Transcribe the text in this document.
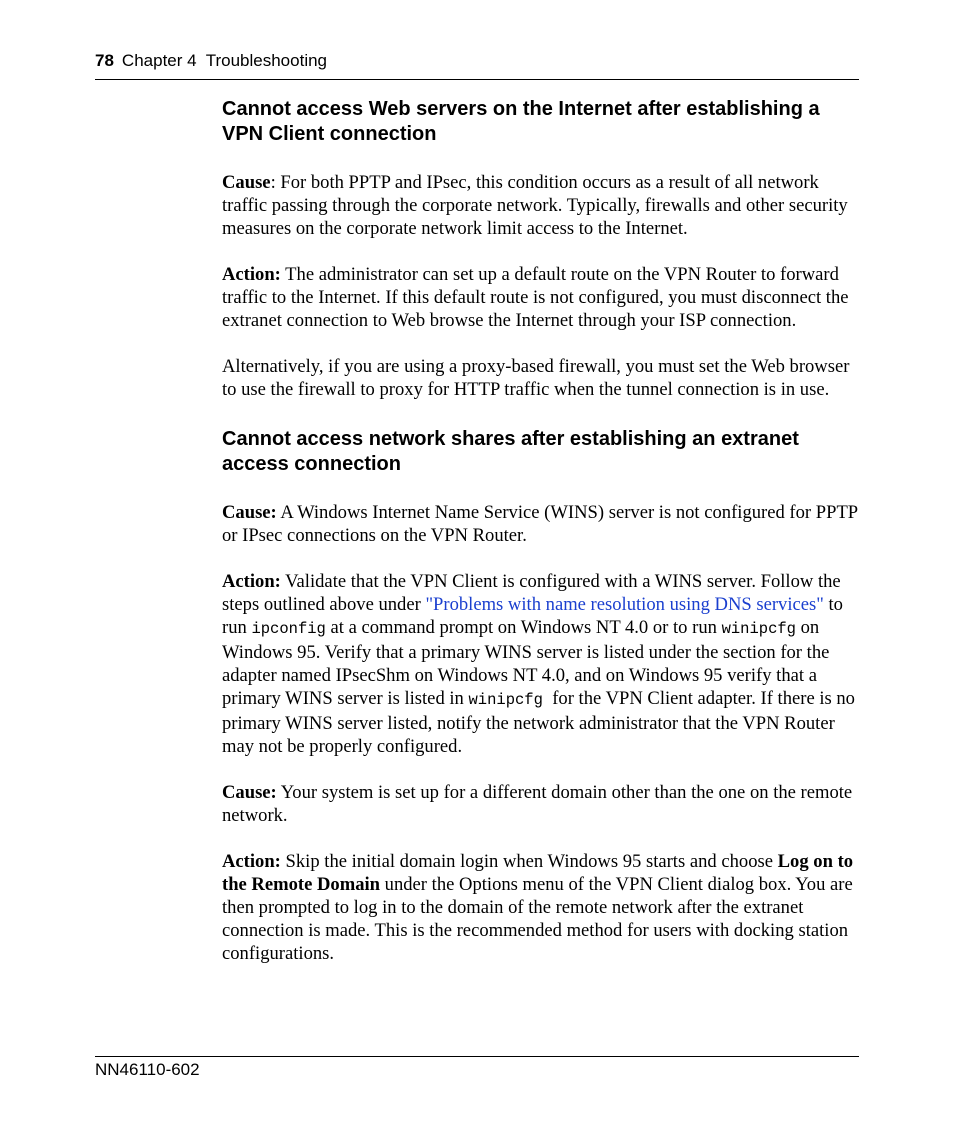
78 Chapter 4  Troubleshooting
Cannot access Web servers on the Internet after establishing a VPN Client connection

Cause: For both PPTP and IPsec, this condition occurs as a result of all network traffic passing through the corporate network. Typically, firewalls and other security measures on the corporate network limit access to the Internet.

Action: The administrator can set up a default route on the VPN Router to forward traffic to the Internet. If this default route is not configured, you must disconnect the extranet connection to Web browse the Internet through your ISP connection.

Alternatively, if you are using a proxy-based firewall, you must set the Web browser to use the firewall to proxy for HTTP traffic when the tunnel connection is in use.

Cannot access network shares after establishing an extranet access connection

Cause: A Windows Internet Name Service (WINS) server is not configured for PPTP or IPsec connections on the VPN Router.

Action: Validate that the VPN Client is configured with a WINS server. Follow the steps outlined above under "Problems with name resolution using DNS services" to run ipconfig at a command prompt on Windows NT 4.0 or to run winipcfg on Windows 95. Verify that a primary WINS server is listed under the section for the adapter named IPsecShm on Windows NT 4.0, and on Windows 95 verify that a primary WINS server is listed in winipcfg  for the VPN Client adapter. If there is no primary WINS server listed, notify the network administrator that the VPN Router may not be properly configured.

Cause: Your system is set up for a different domain other than the one on the remote network.

Action: Skip the initial domain login when Windows 95 starts and choose Log on to the Remote Domain under the Options menu of the VPN Client dialog box. You are then prompted to log in to the domain of the remote network after the extranet connection is made. This is the recommended method for users with docking station configurations.

NN46110-602
